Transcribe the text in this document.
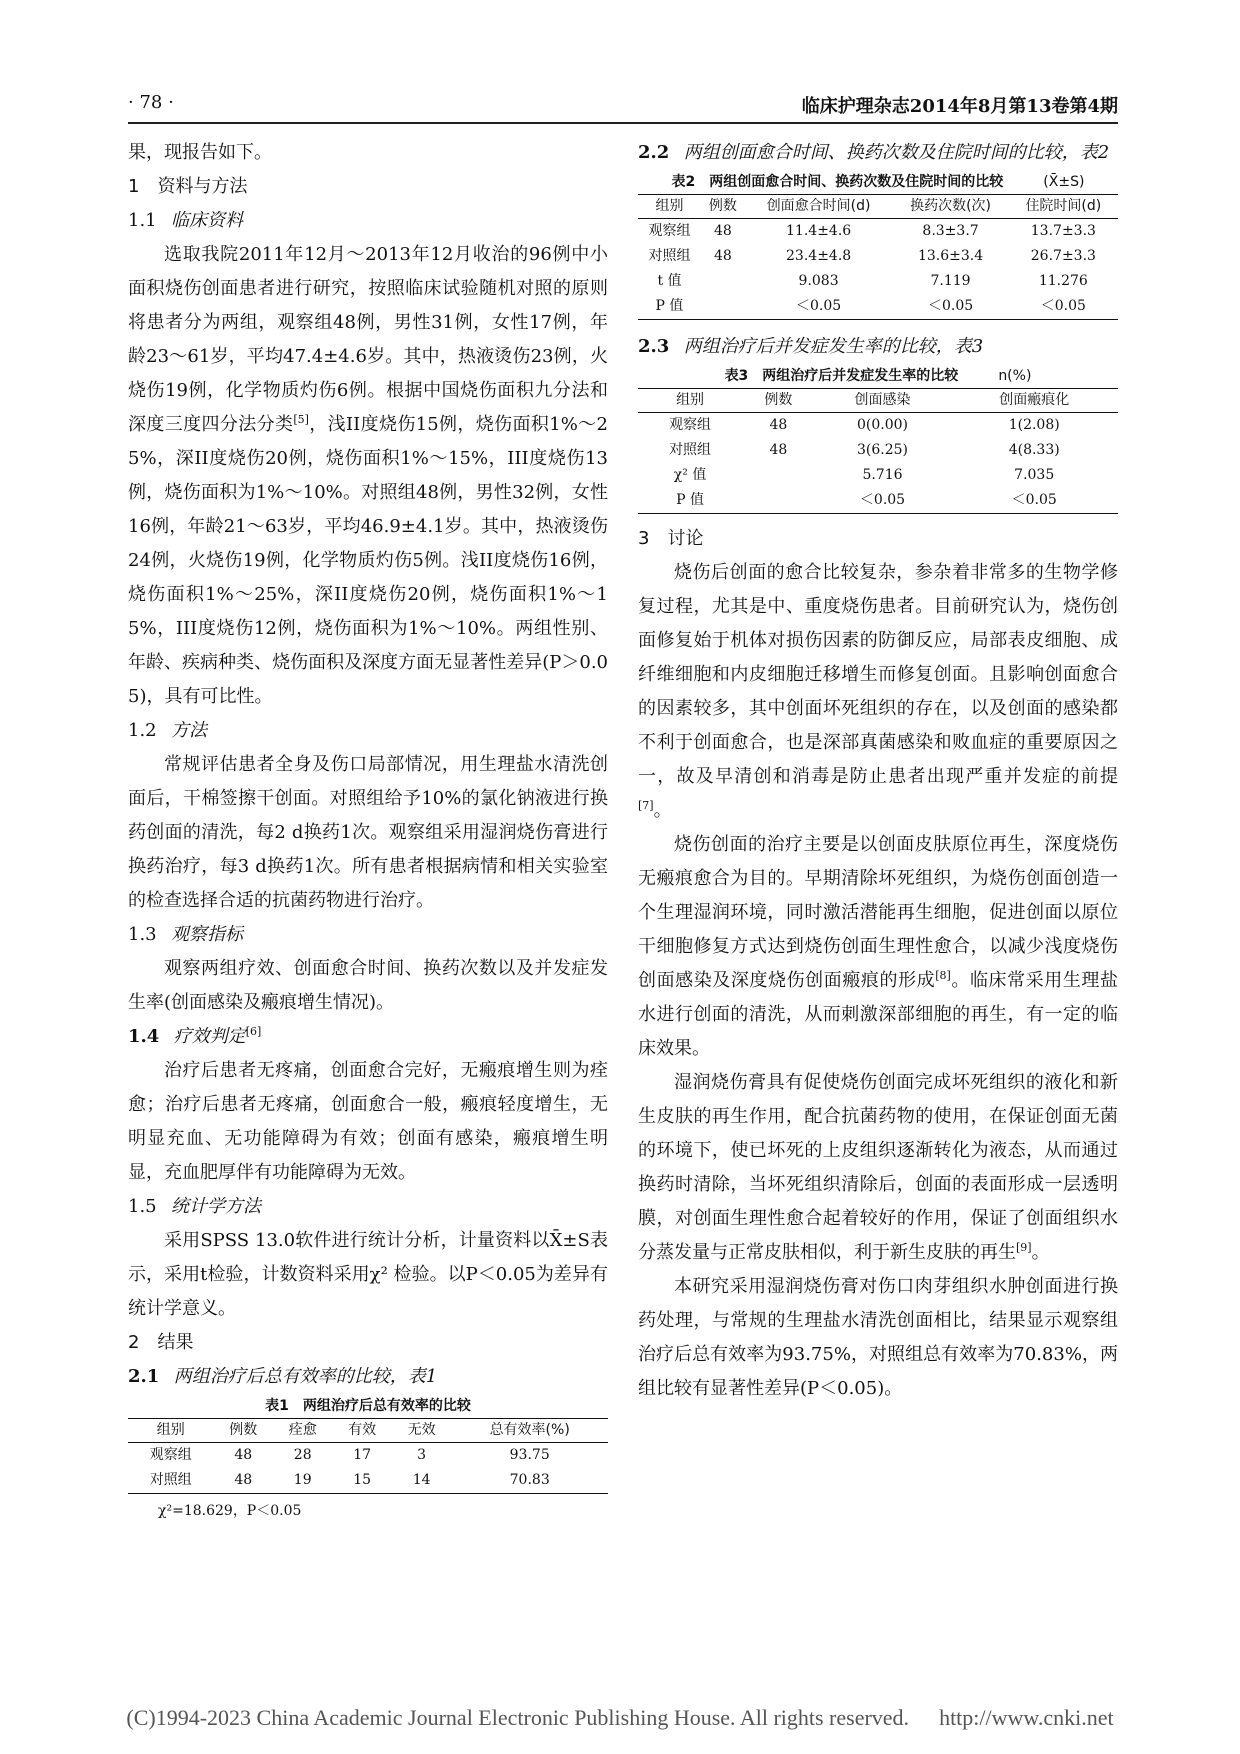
· 78 ·	临床护理杂志2014年8月第13卷第4期

果，现报告如下。

1　资料与方法

1.1 临床资料

选取我院2011年12月～2013年12月收治的96例中小面积烧伤创面患者进行研究，按照临床试验随机对照的原则将患者分为两组，观察组48例，男性31例，女性17例，年龄23～61岁，平均47.4±4.6岁。其中，热液烫伤23例，火烧伤19例，化学物质灼伤6例。根据中国烧伤面积九分法和深度三度四分法分类[5]，浅II度烧伤15例，烧伤面积1%～25%，深II度烧伤20例，烧伤面积1%～15%，III度烧伤13例，烧伤面积为1%～10%。对照组48例，男性32例，女性16例，年龄21～63岁，平均46.9±4.1岁。其中，热液烫伤24例，火烧伤19例，化学物质灼伤5例。浅II度烧伤16例，烧伤面积1%～25%，深II度烧伤20例，烧伤面积1%～15%，III度烧伤12例，烧伤面积为1%～10%。两组性别、年龄、疾病种类、烧伤面积及深度方面无显著性差异(P＞0.05)，具有可比性。

1.2 方法

常规评估患者全身及伤口局部情况，用生理盐水清洗创面后，干棉签擦干创面。对照组给予10%的氯化钠液进行换药创面的清洗，每2 d换药1次。观察组采用湿润烧伤膏进行换药治疗，每3 d换药1次。所有患者根据病情和相关实验室的检查选择合适的抗菌药物进行治疗。

1.3 观察指标

观察两组疗效、创面愈合时间、换药次数以及并发症发生率(创面感染及瘢痕增生情况)。

1.4 疗效判定[6]

治疗后患者无疼痛，创面愈合完好，无瘢痕增生则为痊愈；治疗后患者无疼痛，创面愈合一般，瘢痕轻度增生，无明显充血、无功能障碍为有效；创面有感染，瘢痕增生明显，充血肥厚伴有功能障碍为无效。

1.5 统计学方法

采用SPSS 13.0软件进行统计分析，计量资料以X̄±S表示，采用t检验，计数资料采用χ² 检验。以P＜0.05为差异有统计学意义。

2　结果

2.1 两组治疗后总有效率的比较，表1

表1　两组治疗后总有效率的比较
组别	例数	痊愈	有效	无效	总有效率(%)
观察组	48	28	17	3	93.75
对照组	48	19	15	14	70.83
χ²=18.629，P＜0.05

2.2 两组创面愈合时间、换药次数及住院时间的比较，表2

表2　两组创面愈合时间、换药次数及住院时间的比较	(X̄±S)
组别	例数	创面愈合时间(d)	换药次数(次)	住院时间(d)
观察组	48	11.4±4.6	8.3±3.7	13.7±3.3
对照组	48	23.4±4.8	13.6±3.4	26.7±3.3
t 值		9.083	7.119	11.276
P 值		＜0.05	＜0.05	＜0.05

2.3 两组治疗后并发症发生率的比较，表3

表3　两组治疗后并发症发生率的比较	n(%)
组别	例数	创面感染	创面瘢痕化
观察组	48	0(0.00)	1(2.08)
对照组	48	3(6.25)	4(8.33)
χ² 值		5.716	7.035
P 值		＜0.05	＜0.05

3　讨论

烧伤后创面的愈合比较复杂，参杂着非常多的生物学修复过程，尤其是中、重度烧伤患者。目前研究认为，烧伤创面修复始于机体对损伤因素的防御反应，局部表皮细胞、成纤维细胞和内皮细胞迁移增生而修复创面。且影响创面愈合的因素较多，其中创面坏死组织的存在，以及创面的感染都不利于创面愈合，也是深部真菌感染和败血症的重要原因之一，故及早清创和消毒是防止患者出现严重并发症的前提[7]。

烧伤创面的治疗主要是以创面皮肤原位再生，深度烧伤无瘢痕愈合为目的。早期清除坏死组织，为烧伤创面创造一个生理湿润环境，同时激活潜能再生细胞，促进创面以原位干细胞修复方式达到烧伤创面生理性愈合，以减少浅度烧伤创面感染及深度烧伤创面瘢痕的形成[8]。临床常采用生理盐水进行创面的清洗，从而刺激深部细胞的再生，有一定的临床效果。

湿润烧伤膏具有促使烧伤创面完成坏死组织的液化和新生皮肤的再生作用，配合抗菌药物的使用，在保证创面无菌的环境下，使已坏死的上皮组织逐渐转化为液态，从而通过换药时清除，当坏死组织清除后，创面的表面形成一层透明膜，对创面生理性愈合起着较好的作用，保证了创面组织水分蒸发量与正常皮肤相似，利于新生皮肤的再生[9]。

本研究采用湿润烧伤膏对伤口肉芽组织水肿创面进行换药处理，与常规的生理盐水清洗创面相比，结果显示观察组治疗后总有效率为93.75%，对照组总有效率为70.83%，两组比较有显著性差异(P＜0.05)。

(C)1994-2023 China Academic Journal Electronic Publishing House. All rights reserved. http://www.cnki.net
